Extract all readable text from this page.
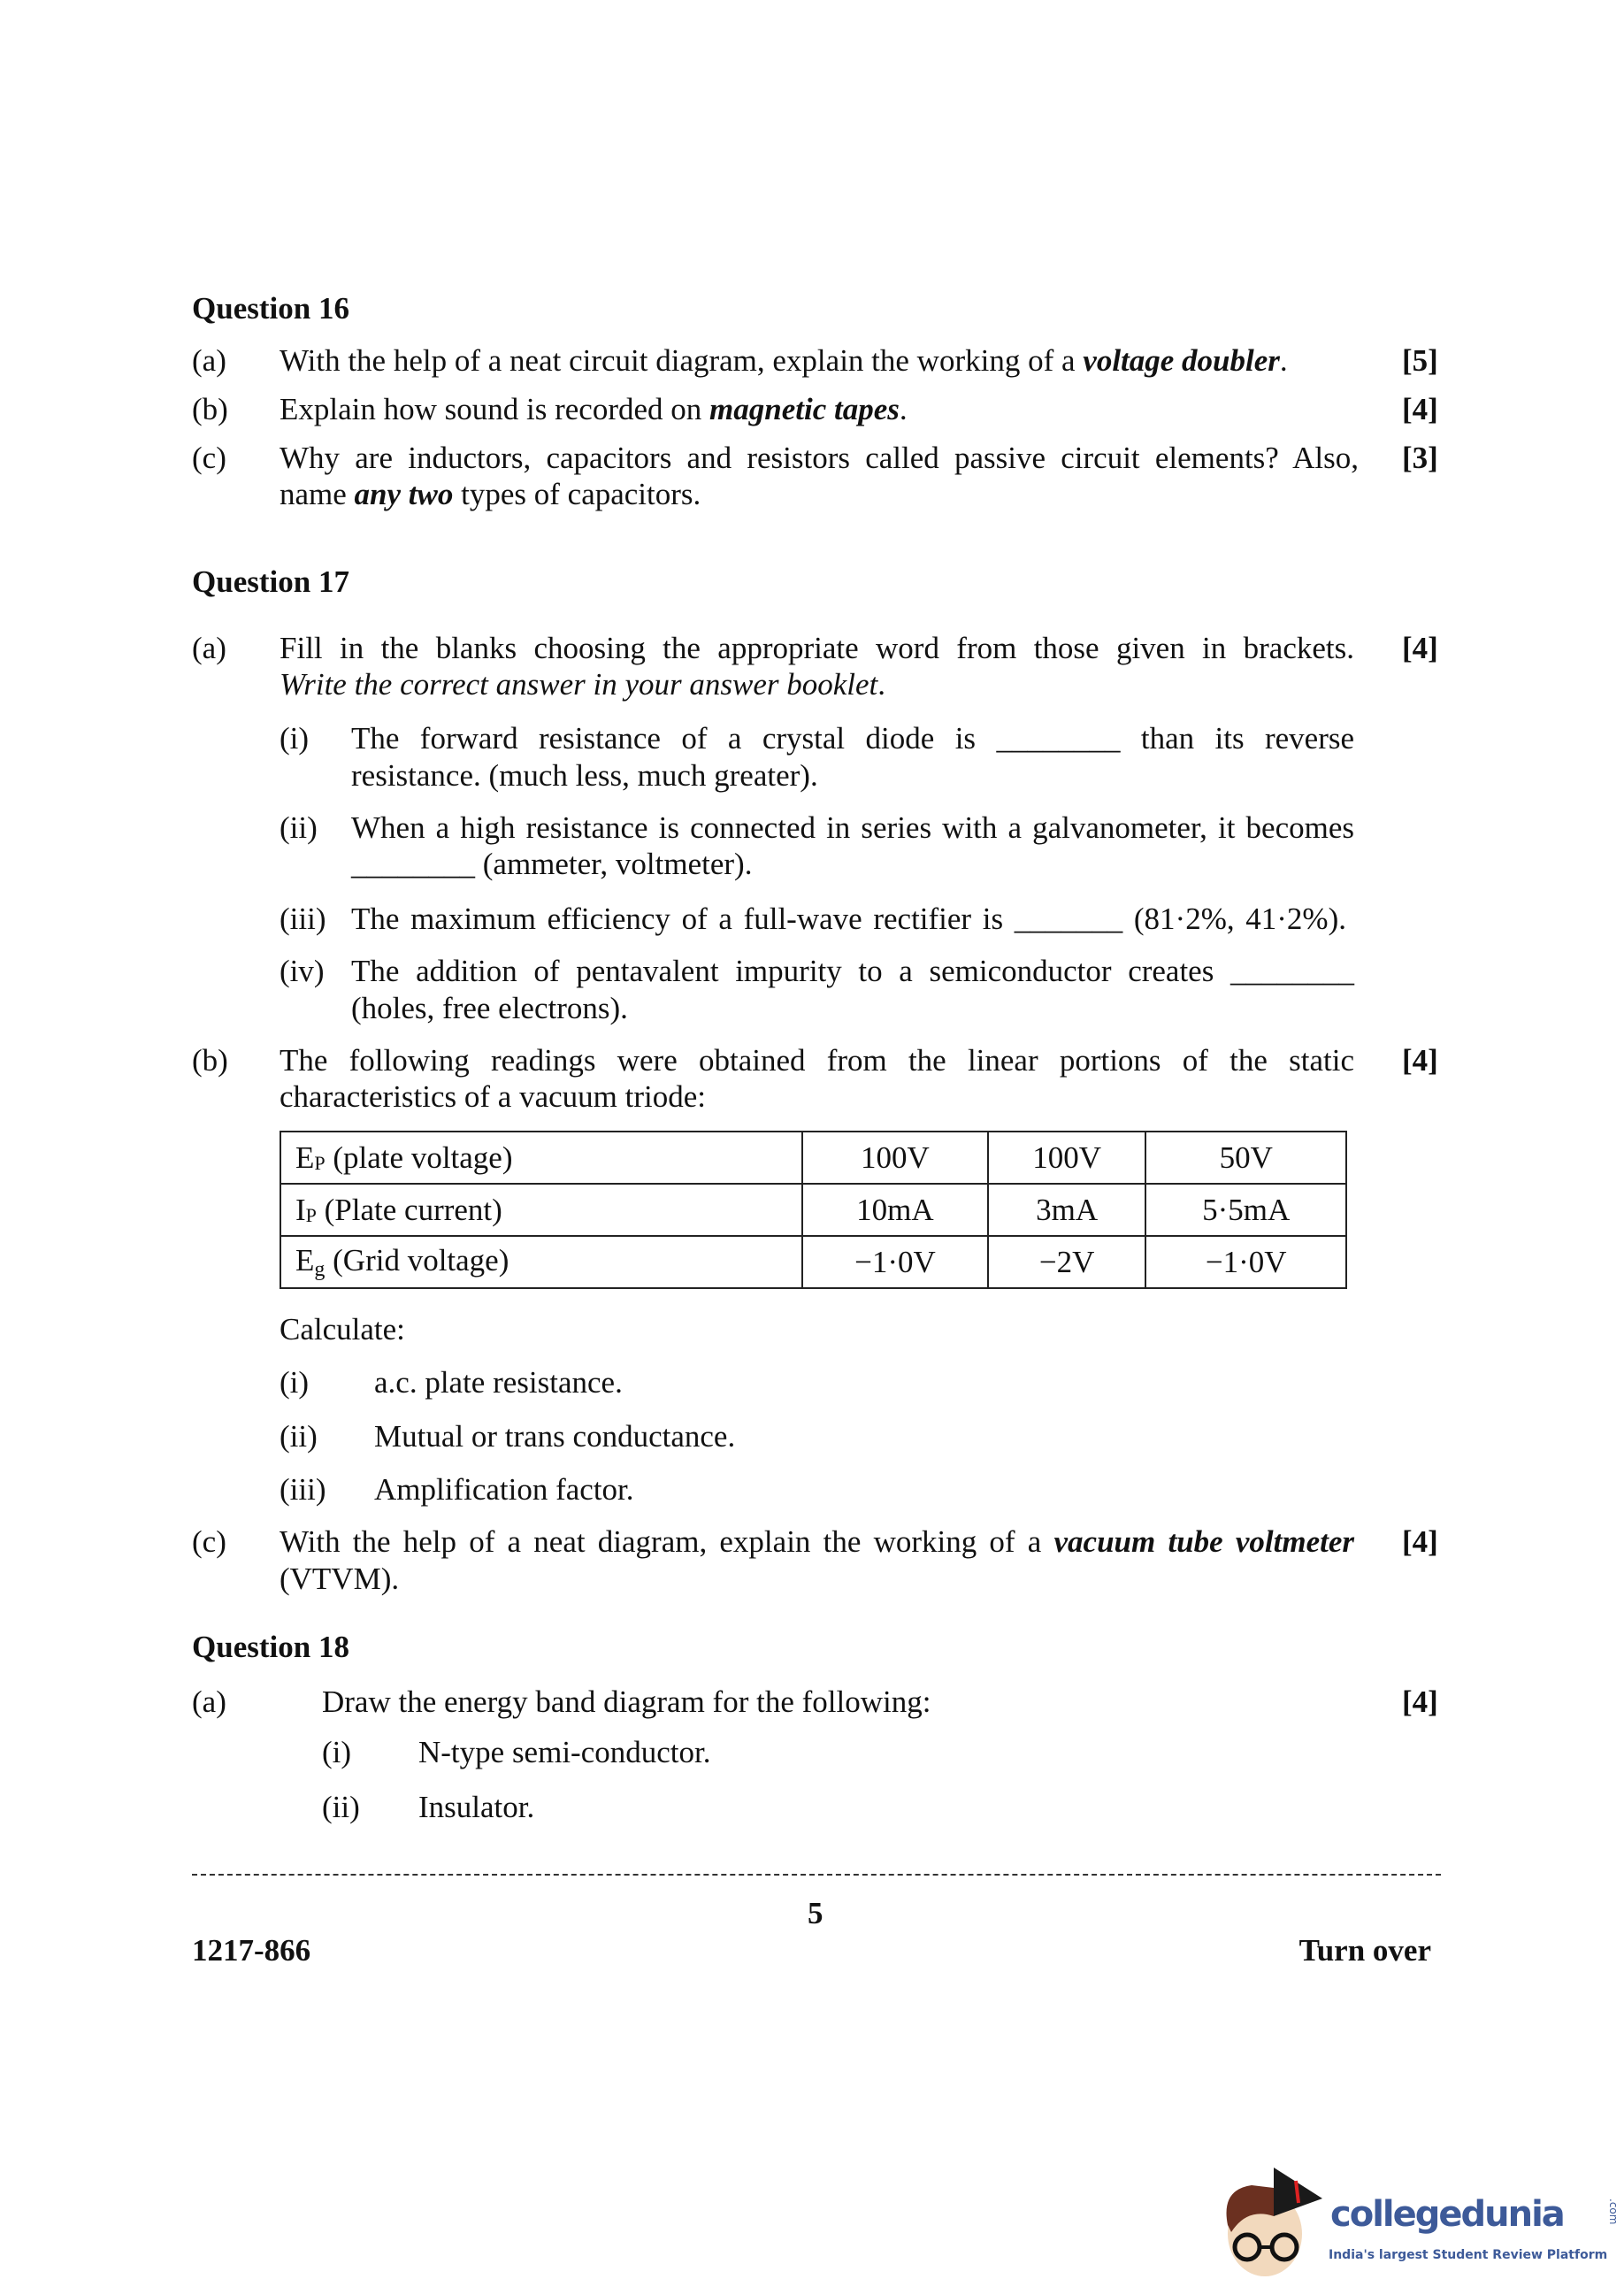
Question 16
(a) With the help of a neat circuit diagram, explain the working of a voltage doubler.	[5]
(b) Explain how sound is recorded on magnetic tapes.	[4]
(c) Why are inductors, capacitors and resistors called passive circuit elements? Also,
name any two types of capacitors.
[3]
Question 17
(a) Fill in the blanks choosing the appropriate word from those given in brackets.
Write the correct answer in your answer booklet.
[4]
(i) The forward resistance of a crystal diode is ________ than its reverse
resistance. (much less, much greater).
(ii) When a high resistance is connected in series with a galvanometer, it becomes
________ (ammeter, voltmeter).
(iii) The maximum efficiency of a full-wave rectifier is _______ (81·2%, 41·2%).
(iv) The addition of pentavalent impurity to a semiconductor creates ________
(holes, free electrons).
(b) The following readings were obtained from the linear portions of the static
characteristics of a vacuum triode:
[4]
$E_P$ (plate voltage)	100V	100V	50V
$I_P$ (Plate current)	10mA	3mA	5·5mA
$E_g$ (Grid voltage)	−1·0V	−2V	−1·0V
Calculate:
(i) a.c. plate resistance.
(ii) Mutual or trans conductance.
(iii) Amplification factor.
(c) With the help of a neat diagram, explain the working of a vacuum tube voltmeter
(VTVM).
[4]
Question 18
(a)	Draw the energy band diagram for the following:	[4]
(i) N-type semi-conductor.
(ii) Insulator.
5
1217-866	Turn over
collegedunia	.com
India's largest Student Review Platform
